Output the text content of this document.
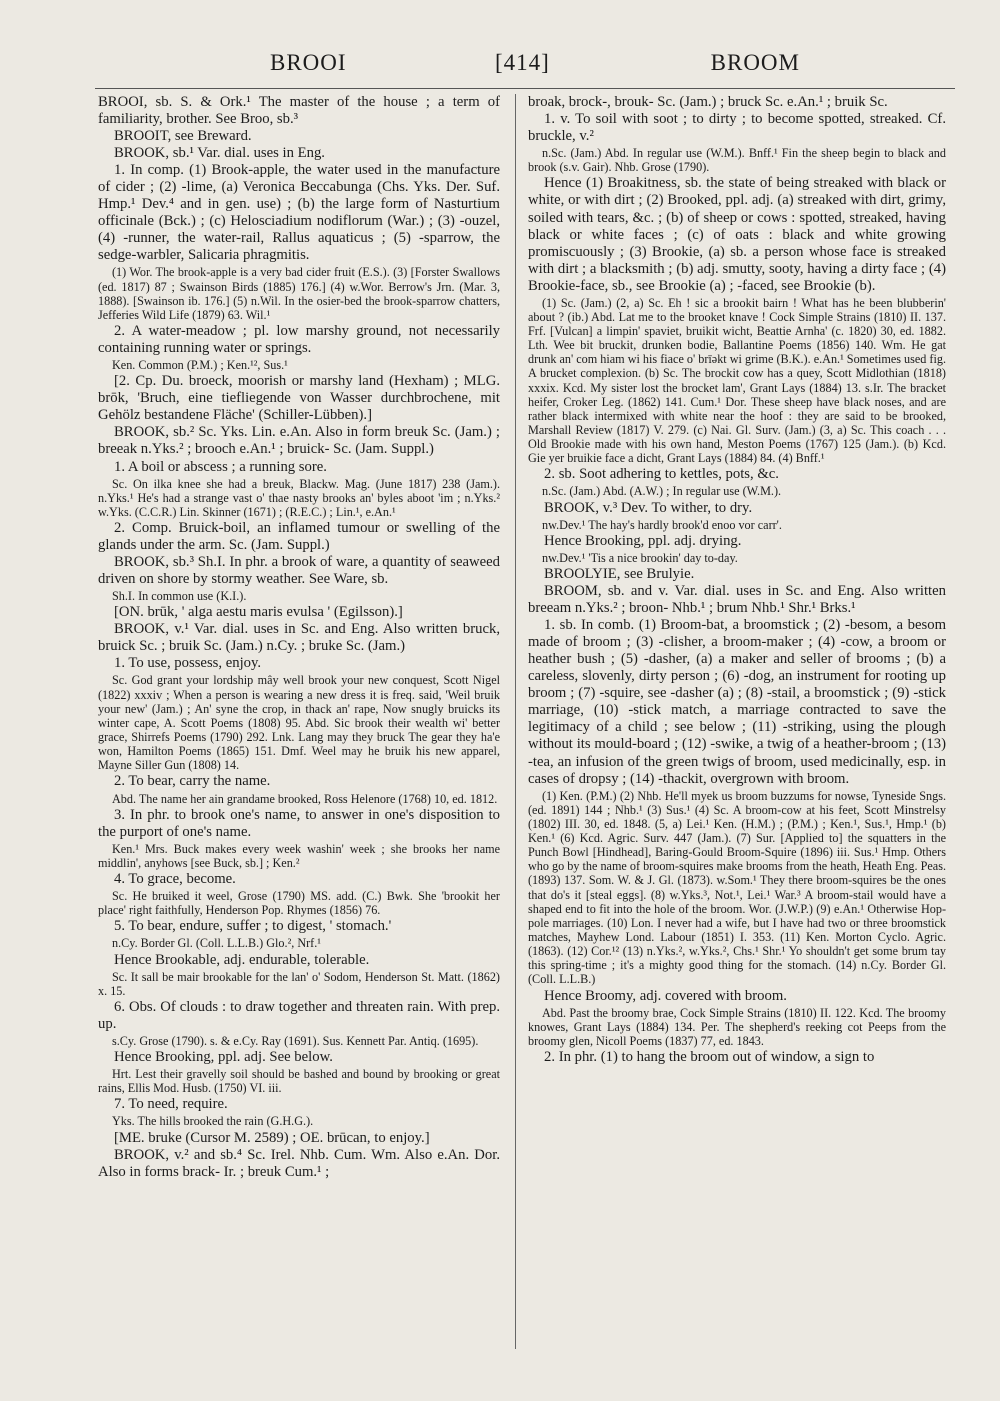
BROOI	[414]	BROOM

BROOI, sb. S. & Ork.¹ The master of the house ; a term of familiarity, brother. See Broo, sb.³

BROOIT, see Breward.

BROOK, sb.¹ Var. dial. uses in Eng.

1. In comp. (1) Brook-apple, the water used in the manufacture of cider ; (2) -lime, (a) Veronica Beccabunga (Chs. Yks. Der. Suf. Hmp.¹ Dev.⁴ and in gen. use) ; (b) the large form of Nasturtium officinale (Bck.) ; (c) Helosciadium nodiflorum (War.) ; (3) -ouzel, (4) -runner, the water-rail, Rallus aquaticus ; (5) -sparrow, the sedge-warbler, Salicaria phragmitis.

(1) Wor. The brook-apple is a very bad cider fruit (E.S.). (3) [Forster Swallows (ed. 1817) 87 ; Swainson Birds (1885) 176.] (4) w.Wor. Berrow's Jrn. (Mar. 3, 1888). [Swainson ib. 176.] (5) n.Wil. In the osier-bed the brook-sparrow chatters, Jefferies Wild Life (1879) 63. Wil.¹

2. A water-meadow ; pl. low marshy ground, not necessarily containing running water or springs.

Ken. Common (P.M.) ; Ken.¹², Sus.¹

[2. Cp. Du. broeck, moorish or marshy land (Hexham) ; MLG. brōk, 'Bruch, eine tiefliegende von Wasser durchbrochene, mit Gehölz bestandene Fläche' (Schiller-Lübben).]

BROOK, sb.² Sc. Yks. Lin. e.An. Also in form breuk Sc. (Jam.) ; breeak n.Yks.² ; brooch e.An.¹ ; bruick- Sc. (Jam. Suppl.)

1. A boil or abscess ; a running sore.

Sc. On ilka knee she had a breuk, Blackw. Mag. (June 1817) 238 (Jam.). n.Yks.¹ He's had a strange vast o' thae nasty brooks an' byles aboot 'im ; n.Yks.² w.Yks. (C.C.R.) Lin. Skinner (1671) ; (R.E.C.) ; Lin.¹, e.An.¹

2. Comp. Bruick-boil, an inflamed tumour or swelling of the glands under the arm. Sc. (Jam. Suppl.)

BROOK, sb.³ Sh.I. In phr. a brook of ware, a quantity of seaweed driven on shore by stormy weather. See Ware, sb.

Sh.I. In common use (K.I.).

[ON. brūk, ' alga aestu maris evulsa ' (Egilsson).]

BROOK, v.¹ Var. dial. uses in Sc. and Eng. Also written bruck, bruick Sc. ; bruik Sc. (Jam.) n.Cy. ; bruke Sc. (Jam.)

1. To use, possess, enjoy.

Sc. God grant your lordship mây well brook your new conquest, Scott Nigel (1822) xxxiv ; When a person is wearing a new dress it is freq. said, 'Weil bruik your new' (Jam.) ; An' syne the crop, in thack an' rape, Now snugly bruicks its winter cape, A. Scott Poems (1808) 95. Abd. Sic brook their wealth wi' better grace, Shirrefs Poems (1790) 292. Lnk. Lang may they bruck The gear they ha'e won, Hamilton Poems (1865) 151. Dmf. Weel may he bruik his new apparel, Mayne Siller Gun (1808) 14.

2. To bear, carry the name.

Abd. The name her ain grandame brooked, Ross Helenore (1768) 10, ed. 1812.

3. In phr. to brook one's name, to answer in one's disposition to the purport of one's name.

Ken.¹ Mrs. Buck makes every week washin' week ; she brooks her name middlin', anyhows [see Buck, sb.] ; Ken.²

4. To grace, become.

Sc. He bruiked it weel, Grose (1790) MS. add. (C.) Bwk. She 'brookit her place' right faithfully, Henderson Pop. Rhymes (1856) 76.

5. To bear, endure, suffer ; to digest, ' stomach.'

n.Cy. Border Gl. (Coll. L.L.B.) Glo.², Nrf.¹

Hence Brookable, adj. endurable, tolerable.

Sc. It sall be mair brookable for the lan' o' Sodom, Henderson St. Matt. (1862) x. 15.

6. Obs. Of clouds : to draw together and threaten rain. With prep. up.

s.Cy. Grose (1790). s. & e.Cy. Ray (1691). Sus. Kennett Par. Antiq. (1695).

Hence Brooking, ppl. adj. See below.

Hrt. Lest their gravelly soil should be bashed and bound by brooking or great rains, Ellis Mod. Husb. (1750) VI. iii.

7. To need, require.

Yks. The hills brooked the rain (G.H.G.).

[ME. bruke (Cursor M. 2589) ; OE. brūcan, to enjoy.]

BROOK, v.² and sb.⁴ Sc. Irel. Nhb. Cum. Wm. Also e.An. Dor. Also in forms brack- Ir. ; breuk Cum.¹ ;

broak, brock-, brouk- Sc. (Jam.) ; bruck Sc. e.An.¹ ; bruik Sc.

1. v. To soil with soot ; to dirty ; to become spotted, streaked. Cf. bruckle, v.²

n.Sc. (Jam.) Abd. In regular use (W.M.). Bnff.¹ Fin the sheep begin to black and brook (s.v. Gair). Nhb. Grose (1790).

Hence (1) Broakitness, sb. the state of being streaked with black or white, or with dirt ; (2) Brooked, ppl. adj. (a) streaked with dirt, grimy, soiled with tears, &c. ; (b) of sheep or cows : spotted, streaked, having black or white faces ; (c) of oats : black and white growing promiscuously ; (3) Brookie, (a) sb. a person whose face is streaked with dirt ; a blacksmith ; (b) adj. smutty, sooty, having a dirty face ; (4) Brookie-face, sb., see Brookie (a) ; -faced, see Brookie (b).

(1) Sc. (Jam.) (2, a) Sc. Eh ! sic a brookit bairn ! What has he been blubberin' about ? (ib.) Abd. Lat me to the brooket knave ! Cock Simple Strains (1810) II. 137. Frf. [Vulcan] a limpin' spaviet, bruikit wicht, Beattie Arnha' (c. 1820) 30, ed. 1882. Lth. Wee bit bruckit, drunken bodie, Ballantine Poems (1856) 140. Wm. He gat drunk an' com hiam wi his fiace o' brīəkt wi grime (B.K.). e.An.¹ Sometimes used fig. A brucket complexion. (b) Sc. The brockit cow has a quey, Scott Midlothian (1818) xxxix. Kcd. My sister lost the brocket lam', Grant Lays (1884) 13. s.Ir. The bracket heifer, Croker Leg. (1862) 141. Cum.¹ Dor. These sheep have black noses, and are rather black intermixed with white near the hoof : they are said to be brooked, Marshall Review (1817) V. 279. (c) Nai. Gl. Surv. (Jam.) (3, a) Sc. This coach . . . Old Brookie made with his own hand, Meston Poems (1767) 125 (Jam.). (b) Kcd. Gie yer bruikie face a dicht, Grant Lays (1884) 84. (4) Bnff.¹

2. sb. Soot adhering to kettles, pots, &c.

n.Sc. (Jam.) Abd. (A.W.) ; In regular use (W.M.).

BROOK, v.³ Dev. To wither, to dry.

nw.Dev.¹ The hay's hardly brook'd enoo vor carr'.

Hence Brooking, ppl. adj. drying.

nw.Dev.¹ 'Tis a nice brookin' day to-day.

BROOLYIE, see Brulyie.

BROOM, sb. and v. Var. dial. uses in Sc. and Eng. Also written breeam n.Yks.² ; broon- Nhb.¹ ; brum Nhb.¹ Shr.¹ Brks.¹

1. sb. In comb. (1) Broom-bat, a broomstick ; (2) -besom, a besom made of broom ; (3) -clisher, a broom-maker ; (4) -cow, a broom or heather bush ; (5) -dasher, (a) a maker and seller of brooms ; (b) a careless, slovenly, dirty person ; (6) -dog, an instrument for rooting up broom ; (7) -squire, see -dasher (a) ; (8) -stail, a broomstick ; (9) -stick marriage, (10) -stick match, a marriage contracted to save the legitimacy of a child ; see below ; (11) -striking, using the plough without its mould-board ; (12) -swike, a twig of a heather-broom ; (13) -tea, an infusion of the green twigs of broom, used medicinally, esp. in cases of dropsy ; (14) -thackit, overgrown with broom.

(1) Ken. (P.M.) (2) Nhb. He'll myek us broom buzzums for nowse, Tyneside Sngs. (ed. 1891) 144 ; Nhb.¹ (3) Sus.¹ (4) Sc. A broom-cow at his feet, Scott Minstrelsy (1802) III. 30, ed. 1848. (5, a) Lei.¹ Ken. (H.M.) ; (P.M.) ; Ken.¹, Sus.¹, Hmp.¹ (b) Ken.¹ (6) Kcd. Agric. Surv. 447 (Jam.). (7) Sur. [Applied to] the squatters in the Punch Bowl [Hindhead], Baring-Gould Broom-Squire (1896) iii. Sus.¹ Hmp. Others who go by the name of broom-squires make brooms from the heath, Heath Eng. Peas. (1893) 137. Som. W. & J. Gl. (1873). w.Som.¹ They there broom-squires be the ones that do's it [steal eggs]. (8) w.Yks.³, Not.¹, Lei.¹ War.³ A broom-stail would have a shaped end to fit into the hole of the broom. Wor. (J.W.P.) (9) e.An.¹ Otherwise Hop-pole marriages. (10) Lon. I never had a wife, but I have had two or three broomstick matches, Mayhew Lond. Labour (1851) I. 353. (11) Ken. Morton Cyclo. Agric. (1863). (12) Cor.¹² (13) n.Yks.², w.Yks.², Chs.¹ Shr.¹ Yo shouldn't get some brum tay this spring-time ; it's a mighty good thing for the stomach. (14) n.Cy. Border Gl. (Coll. L.L.B.)

Hence Broomy, adj. covered with broom.

Abd. Past the broomy brae, Cock Simple Strains (1810) II. 122. Kcd. The broomy knowes, Grant Lays (1884) 134. Per. The shepherd's reeking cot Peeps from the broomy glen, Nicoll Poems (1837) 77, ed. 1843.

2. In phr. (1) to hang the broom out of window, a sign to
